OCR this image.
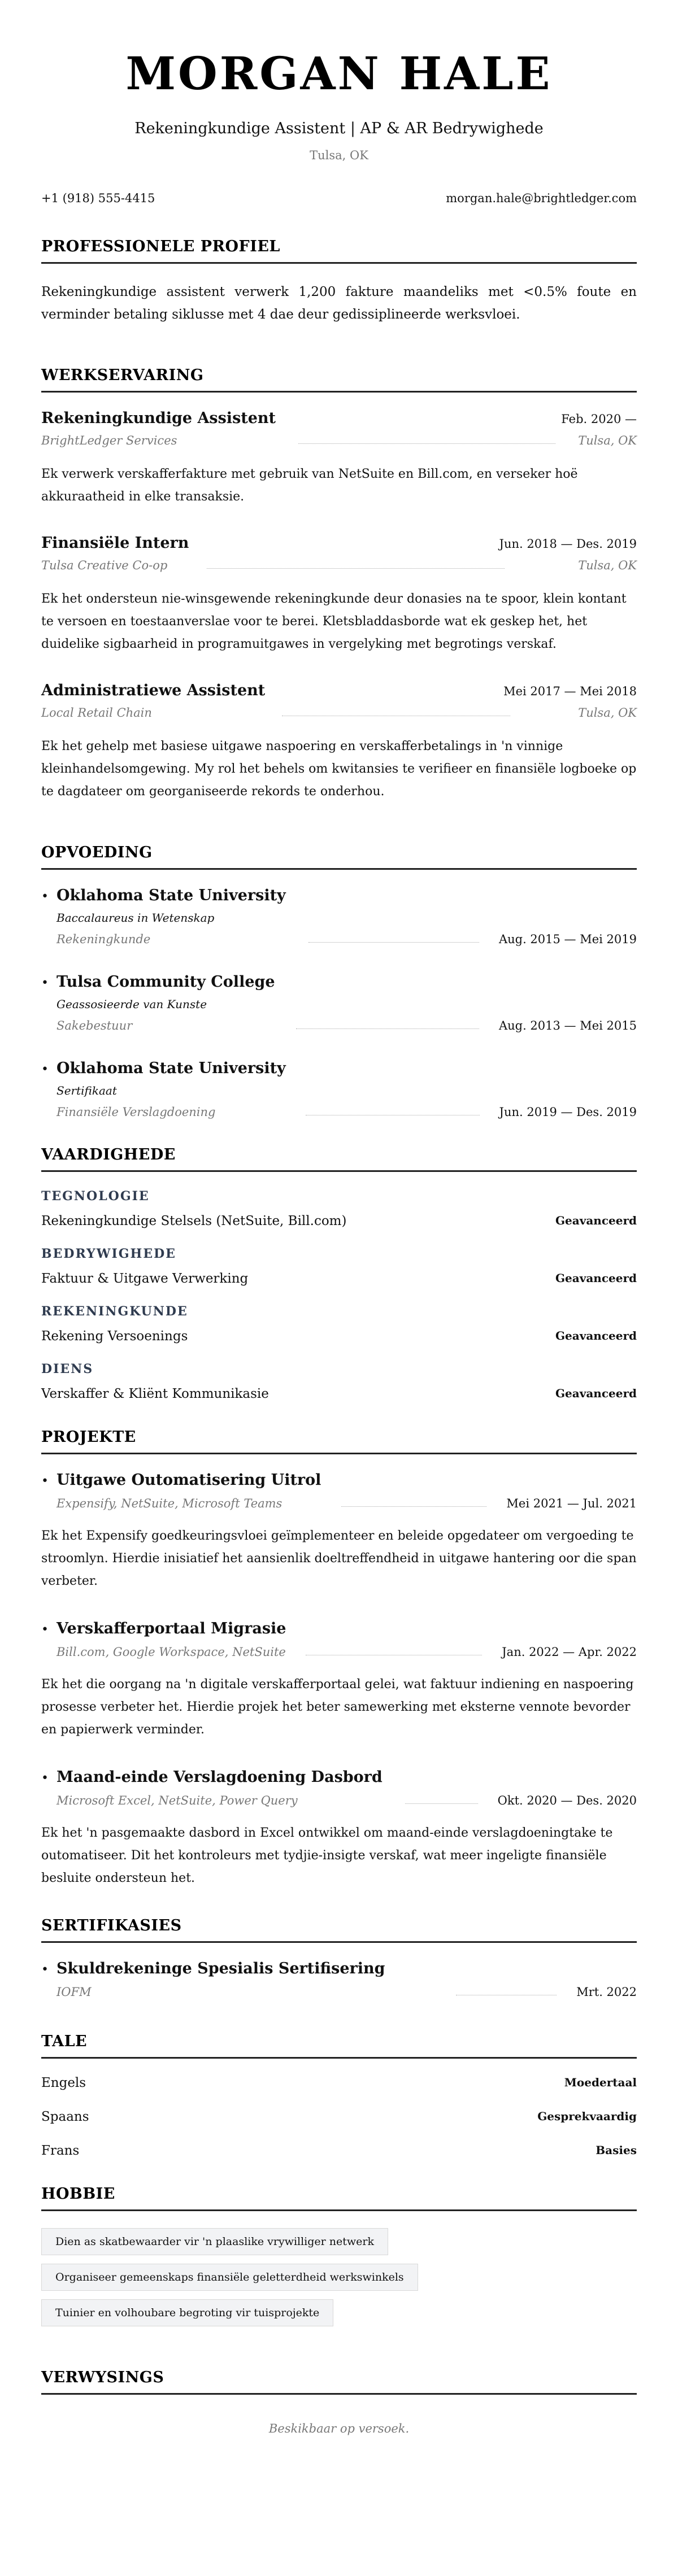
MORGAN HALE
Rekeningkundige Assistent | AP & AR Bedrywighede
Tulsa, OK
+1 (918) 555-4415	morgan.hale@brightledger.com
PROFESSIONELE PROFIEL

Rekeningkundige assistent verwerk 1,200 fakture maandeliks met <0.5% foute en verminder betaling siklusse met 4 dae deur gedissiplineerde werksvloei.

WERKSERVARING
Rekeningkundige Assistent	Feb. 2020 —
BrightLedger Services	Tulsa, OK

Ek verwerk verskafferfakture met gebruik van NetSuite en Bill.com, en verseker hoë akkuraatheid in elke transaksie.

Finansiële Intern	Jun. 2018 — Des. 2019
Tulsa Creative Co-op	Tulsa, OK

Ek het ondersteun nie-winsgewende rekeningkunde deur donasies na te spoor, klein kontant te versoen en toestaanverslae voor te berei. Kletsbladdasborde wat ek geskep het, het duidelike sigbaarheid in programuitgawes in vergelyking met begrotings verskaf.

Administratiewe Assistent	Mei 2017 — Mei 2018
Local Retail Chain	Tulsa, OK

Ek het gehelp met basiese uitgawe naspoering en verskafferbetalings in 'n vinnige kleinhandelsomgewing. My rol het behels om kwitansies te verifieer en finansiële logboeke op te dagdateer om georganiseerde rekords te onderhou.

OPVOEDING
• Oklahoma State University
Baccalaureus in Wetenskap
Rekeningkunde	Aug. 2015 — Mei 2019
• Tulsa Community College
Geassosieerde van Kunste
Sakebestuur	Aug. 2013 — Mei 2015
• Oklahoma State University
Sertifikaat
Finansiële Verslagdoening	Jun. 2019 — Des. 2019
VAARDIGHEDE
TEGNOLOGIE
Rekeningkundige Stelsels (NetSuite, Bill.com)	Geavanceerd
BEDRYWIGHEDE
Faktuur & Uitgawe Verwerking	Geavanceerd
REKENINGKUNDE
Rekening Versoenings	Geavanceerd
DIENS
Verskaffer & Kliënt Kommunikasie	Geavanceerd
PROJEKTE
• Uitgawe Outomatisering Uitrol
Expensify, NetSuite, Microsoft Teams	Mei 2021 — Jul. 2021

Ek het Expensify goedkeuringsvloei geïmplementeer en beleide opgedateer om vergoeding te stroomlyn. Hierdie inisiatief het aansienlik doeltreffendheid in uitgawe hantering oor die span verbeter.

• Verskafferportaal Migrasie
Bill.com, Google Workspace, NetSuite	Jan. 2022 — Apr. 2022

Ek het die oorgang na 'n digitale verskafferportaal gelei, wat faktuur indiening en naspoering prosesse verbeter het. Hierdie projek het beter samewerking met eksterne vennote bevorder en papierwerk verminder.

• Maand-einde Verslagdoening Dasbord
Microsoft Excel, NetSuite, Power Query	Okt. 2020 — Des. 2020

Ek het 'n pasgemaakte dasbord in Excel ontwikkel om maand-einde verslagdoeningtake te outomatiseer. Dit het kontroleurs met tydjie-insigte verskaf, wat meer ingeligte finansiële besluite ondersteun het.

SERTIFIKASIES
• Skuldrekeninge Spesialis Sertifisering
IOFM	Mrt. 2022
TALE
Engels	Moedertaal
Spaans	Gesprekvaardig
Frans	Basies
HOBBIE
Dien as skatbewaarder vir 'n plaaslike vrywilliger netwerk
Organiseer gemeenskaps finansiële geletterdheid werkswinkels
Tuinier en volhoubare begroting vir tuisprojekte
VERWYSINGS

Beskikbaar op versoek.
